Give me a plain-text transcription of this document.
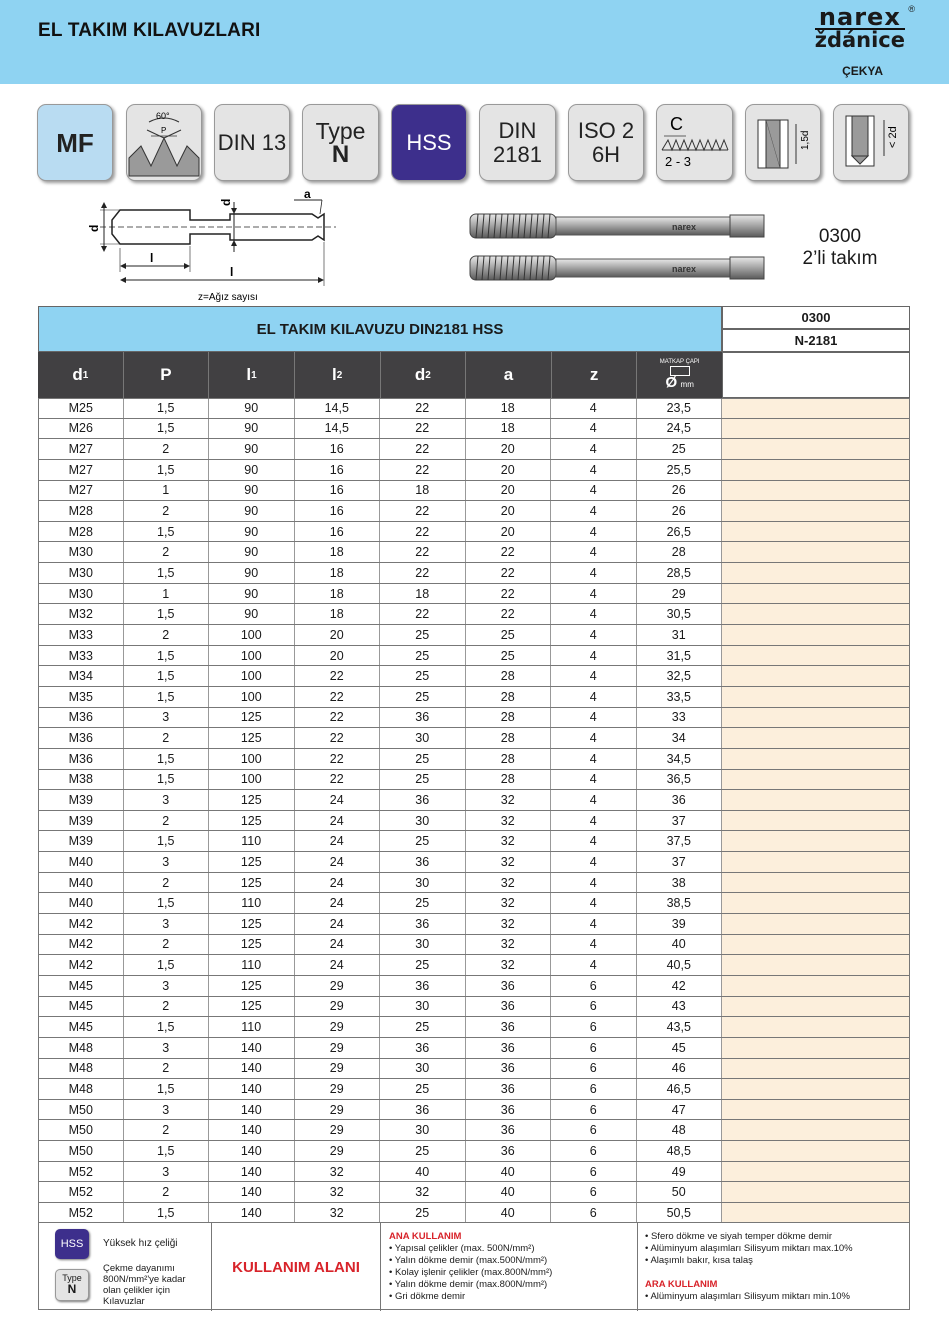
EL TAKIM KILAVUZLARI	narex
ždánice
®
ÇEKYA
MF
60°
P DIN 13 Type
N	HSS DIN
2181
ISO 2
6H
C
2 - 3
1,5d	< 2d
d
d
a
l
l
z=Ağız sayısı
narex
narex
0300
2’li takım
EL TAKIM KILAVUZU DIN2181 HSS
0300
N-2181
d 1	P	l 1	l 2	d 2	a	z
MATKAP ÇAPI
Ø mm
M25	1,5	90	14,5	22	18	4	23,5
M26	1,5	90	14,5	22	18	4	24,5
M27	2	90	16	22	20	4	25
M27	1,5	90	16	22	20	4	25,5
M27	1	90	16	18	20	4	26
M28	2	90	16	22	20	4	26
M28	1,5	90	16	22	20	4	26,5
M30	2	90	18	22	22	4	28
M30	1,5	90	18	22	22	4	28,5
M30	1	90	18	18	22	4	29
M32	1,5	90	18	22	22	4	30,5
M33	2	100	20	25	25	4	31
M33	1,5	100	20	25	25	4	31,5
M34	1,5	100	22	25	28	4	32,5
M35	1,5	100	22	25	28	4	33,5
M36	3	125	22	36	28	4	33
M36	2	125	22	30	28	4	34
M36	1,5	100	22	25	28	4	34,5
M38	1,5	100	22	25	28	4	36,5
M39	3	125	24	36	32	4	36
M39	2	125	24	30	32	4	37
M39	1,5	110	24	25	32	4	37,5
M40	3	125	24	36	32	4	37
M40	2	125	24	30	32	4	38
M40	1,5	110	24	25	32	4	38,5
M42	3	125	24	36	32	4	39
M42	2	125	24	30	32	4	40
M42	1,5	110	24	25	32	4	40,5
M45	3	125	29	36	36	6	42
M45	2	125	29	30	36	6	43
M45	1,5	110	29	25	36	6	43,5
M48	3	140	29	36	36	6	45
M48	2	140	29	30	36	6	46
M48	1,5	140	29	25	36	6	46,5
M50	3	140	29	36	36	6	47
M50	2	140	29	30	36	6	48
M50	1,5	140	29	25	36	6	48,5
M52	3	140	32	40	40	6	49
M52	2	140	32	32	40	6	50
M52	1,5	140	32	25	40	6	50,5
HSS	Yüksek hız çeliği
Type
N
Çekme dayanımı 800N/mm²'ye kadar olan çelikler için Kılavuzlar
KULLANIM ALANI
ANA KULLANIM
• Yapısal çelikler (max. 500N/mm²)
• Yalın dökme demir (max.500N/mm²)
• Kolay işlenir çelikler (max.800N/mm²)
• Yalın dökme demir (max.800N/mm²)
• Gri dökme demir
• Sfero dökme ve siyah temper dökme demir
• Alüminyum alaşımları Silisyum miktarı max.10%
• Alaşımlı bakır, kısa talaş
ARA KULLANIM
• Alüminyum alaşımları Silisyum miktarı min.10%
